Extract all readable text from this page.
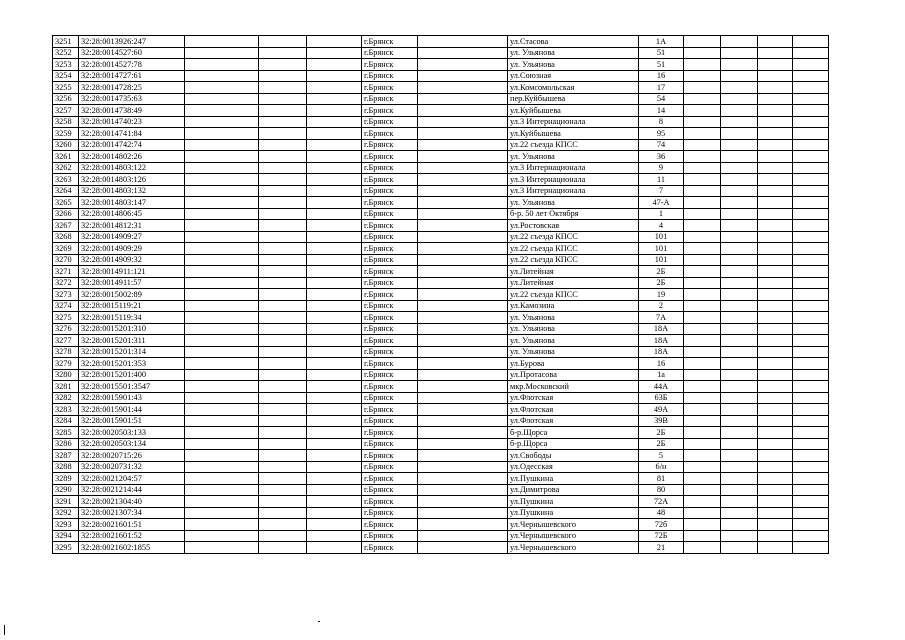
3251	32:28:0013926:247				г.Брянск		ул.Стасова	1А				
3252	32:28:0014527:60				г.Брянск		ул. Ульянова	51				
3253	32:28:0014527:78				г.Брянск		ул. Ульянова	51				
3254	32:28:0014727:61				г.Брянск		ул.Союзная	16				
3255	32:28:0014728:25				г.Брянск		ул.Комсомольская	17				
3256	32:28:0014735:63				г.Брянск		пер.Куйбышева	54				
3257	32:28:0014738:49				г.Брянск		ул.Куйбышева	14				
3258	32:28:0014740:23				г.Брянск		ул.3 Интернационала	8				
3259	32:28:0014741:84				г.Брянск		ул.Куйбышева	95				
3260	32:28:0014742:74				г.Брянск		ул.22 съезда КПСС	74				
3261	32:28:0014802:26				г.Брянск		ул. Ульянова	36				
3262	32:28:0014803:122				г.Брянск		ул.3 Интернационала	9				
3263	32:28:0014803:126				г.Брянск		ул.3 Интернационала	11				
3264	32:28:0014803:132				г.Брянск		ул.3 Интернационала	7				
3265	32:28:0014803:147				г.Брянск		ул. Ульянова	47-А				
3266	32:28:0014806:45				г.Брянск		б-р. 50 лет Октября	1				
3267	32:28:0014812:31				г.Брянск		ул.Ростовская	4				
3268	32:28:0014909:27				г.Брянск		ул.22 съезда КПСС	101				
3269	32:28:0014909:29				г.Брянск		ул.22 съезда КПСС	101				
3270	32:28:0014909:32				г.Брянск		ул.22 съезда КПСС	101				
3271	32:28:0014911:121				г.Брянск		ул.Литейная	2Б				
3272	32:28:0014911:57				г.Брянск		ул.Литейная	2Б				
3273	32:28:0015002:89				г.Брянск		ул.22 съезда КПСС	19				
3274	32:28:0015119:21				г.Брянск		ул.Камозина	2				
3275	32:28:0015119:34				г.Брянск		ул. Ульянова	7А				
3276	32:28:0015201:310				г.Брянск		ул. Ульянова	18А				
3277	32:28:0015201:311				г.Брянск		ул. Ульянова	18А				
3278	32:28:0015201:314				г.Брянск		ул. Ульянова	18А				
3279	32:28:0015201:353				г.Брянск		ул.Бурова	16				
3280	32:28:0015201:400				г.Брянск		ул.Протасова	1а				
3281	32:28:0015501:3547				г.Брянск		мкр.Московский	44А				
3282	32:28:0015901:43				г.Брянск		ул.Флотская	63Б				
3283	32:28:0015901:44				г.Брянск		ул.Флотская	49А				
3284	32:28:0015901:51				г.Брянск		ул.Флотская	39В				
3285	32:28:0020503:133				г.Брянск		б-р.Щорса	2Б				
3286	32:28:0020503:134				г.Брянск		б-р.Щорса	2Б				
3287	32:28:0020715:26				г.Брянск		ул.Свободы	5				
3288	32:28:0020731:32				г.Брянск		ул.Одесская	6/н				
3289	32:28:0021204:57				г.Брянск		ул.Пушкина	81				
3290	32:28:0021214:44				г.Брянск		ул.Димитрова	80				
3291	32:28:0021304:40				г.Брянск		ул.Пушкина	72А				
3292	32:28:0021307:34				г.Брянск		ул.Пушкина	48				
3293	32:28:0021601:51				г.Брянск		ул.Чернышевского	72б				
3294	32:28:0021601:52				г.Брянск		ул.Чернышевского	72Б				
3295	32:28:0021602:1855				г.Брянск		ул.Чернышевского	21				
